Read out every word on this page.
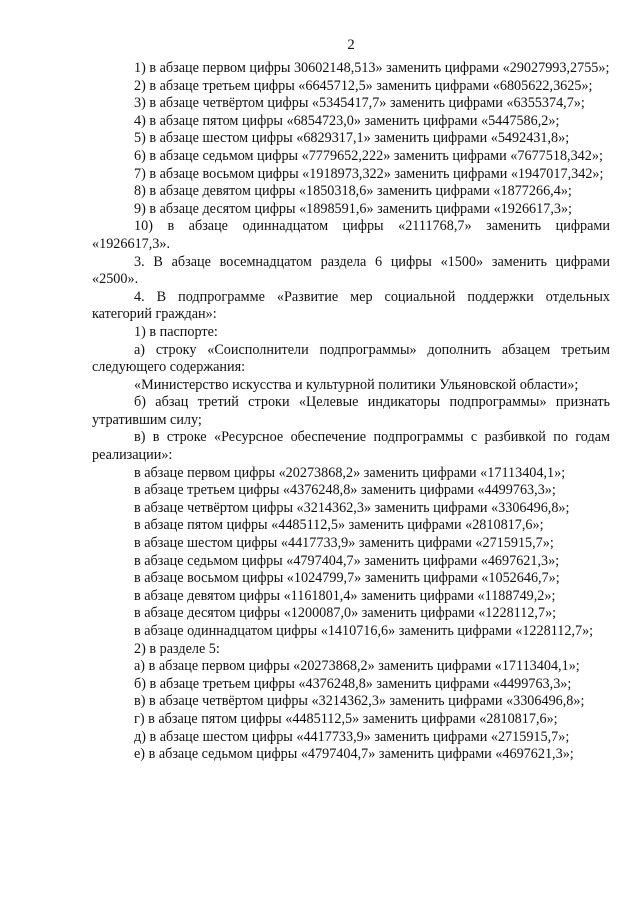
2

1) в абзаце первом цифры 30602148,513» заменить цифрами «29027993,2755»;

2) в абзаце третьем цифры «6645712,5» заменить цифрами «6805622,3625»;

3) в абзаце четвёртом цифры «5345417,7» заменить цифрами «6355374,7»;

4) в абзаце пятом цифры «6854723,0» заменить цифрами «5447586,2»;

5) в абзаце шестом цифры «6829317,1» заменить цифрами «5492431,8»;

6) в абзаце седьмом цифры «7779652,222» заменить цифрами «7677518,342»;

7) в абзаце восьмом цифры «1918973,322» заменить цифрами «1947017,342»;

8) в абзаце девятом цифры «1850318,6» заменить цифрами «1877266,4»;

9) в абзаце десятом цифры «1898591,6» заменить цифрами «1926617,3»;

10) в абзаце одиннадцатом цифры «2111768,7» заменить цифрами «1926617,3».

3. В абзаце восемнадцатом раздела 6 цифры «1500» заменить цифрами «2500».

4. В подпрограмме «Развитие мер социальной поддержки отдельных категорий граждан»:

1) в паспорте:

а) строку «Соисполнители подпрограммы» дополнить абзацем третьим следующего содержания:

«Министерство искусства и культурной политики Ульяновской области»;

б) абзац третий строки «Целевые индикаторы подпрограммы» признать утратившим силу;

в) в строке «Ресурсное обеспечение подпрограммы с разбивкой по годам реализации»:

в абзаце первом цифры «20273868,2» заменить цифрами «17113404,1»;

в абзаце третьем цифры «4376248,8» заменить цифрами «4499763,3»;

в абзаце четвёртом цифры «3214362,3» заменить цифрами «3306496,8»;

в абзаце пятом цифры «4485112,5» заменить цифрами «2810817,6»;

в абзаце шестом цифры «4417733,9» заменить цифрами «2715915,7»;

в абзаце седьмом цифры «4797404,7» заменить цифрами «4697621,3»;

в абзаце восьмом цифры «1024799,7» заменить цифрами «1052646,7»;

в абзаце девятом цифры «1161801,4» заменить цифрами «1188749,2»;

в абзаце десятом цифры «1200087,0» заменить цифрами «1228112,7»;

в абзаце одиннадцатом цифры «1410716,6» заменить цифрами «1228112,7»;

2) в разделе 5:

а) в абзаце первом цифры «20273868,2» заменить цифрами «17113404,1»;

б) в абзаце третьем цифры «4376248,8» заменить цифрами «4499763,3»;

в) в абзаце четвёртом цифры «3214362,3» заменить цифрами «3306496,8»;

г) в абзаце пятом цифры «4485112,5» заменить цифрами «2810817,6»;

д) в абзаце шестом цифры «4417733,9» заменить цифрами «2715915,7»;

е) в абзаце седьмом цифры «4797404,7» заменить цифрами «4697621,3»;
